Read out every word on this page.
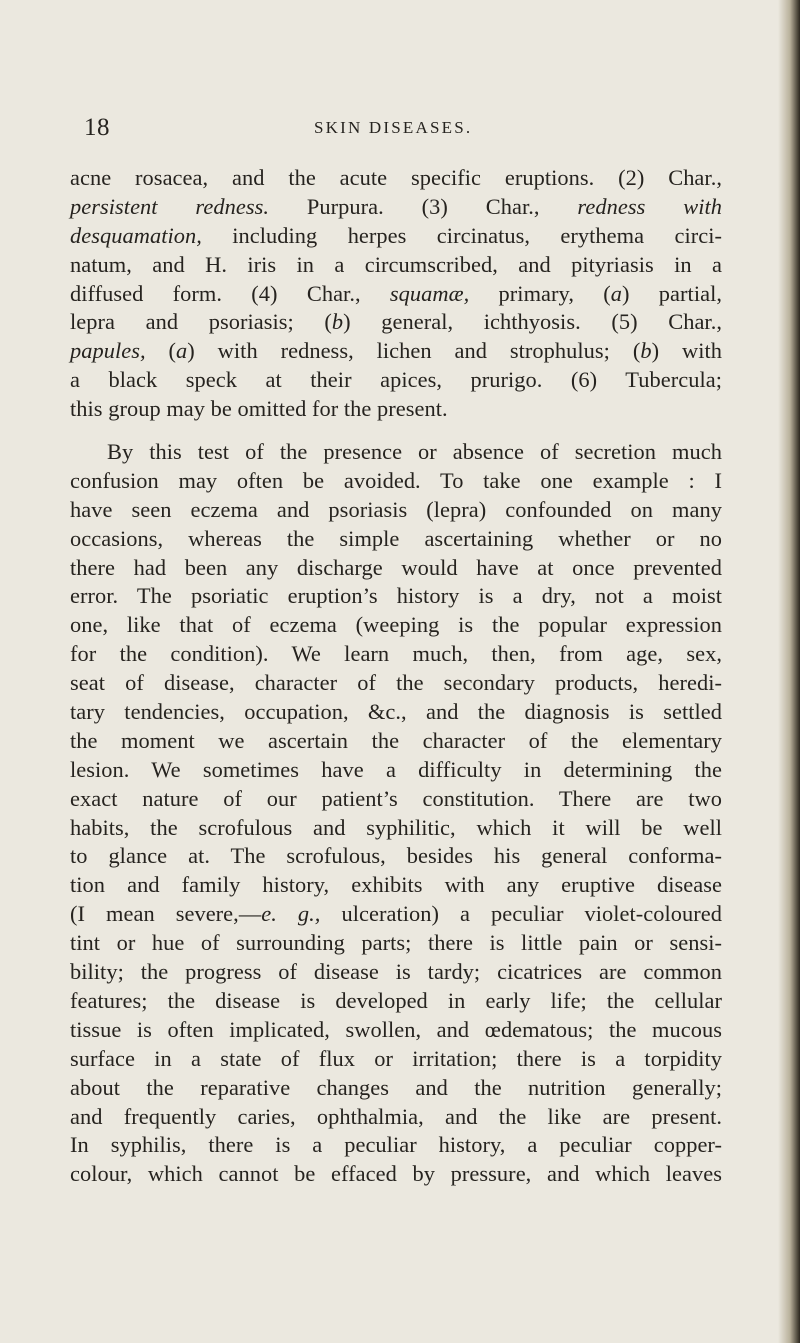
18	SKIN DISEASES.
acne rosacea, and the acute specific eruptions. (2) Char.,
persistent redness. Purpura. (3) Char., redness with
desquamation, including herpes circinatus, erythema circi-
natum, and H. iris in a circumscribed, and pityriasis in a
diffused form. (4) Char., squamæ, primary, (a) partial,
lepra and psoriasis; (b) general, ichthyosis. (5) Char.,
papules, (a) with redness, lichen and strophulus; (b) with
a black speck at their apices, prurigo. (6) Tubercula;
this group may be omitted for the present.
By this test of the presence or absence of secretion much
confusion may often be avoided. To take one example : I
have seen eczema and psoriasis (lepra) confounded on many
occasions, whereas the simple ascertaining whether or no
there had been any discharge would have at once prevented
error. The psoriatic eruption’s history is a dry, not a moist
one, like that of eczema (weeping is the popular expression
for the condition). We learn much, then, from age, sex,
seat of disease, character of the secondary products, heredi-
tary tendencies, occupation, &c., and the diagnosis is settled
the moment we ascertain the character of the elementary
lesion. We sometimes have a difficulty in determining the
exact nature of our patient’s constitution. There are two
habits, the scrofulous and syphilitic, which it will be well
to glance at. The scrofulous, besides his general conforma-
tion and family history, exhibits with any eruptive disease
(I mean severe,—e. g., ulceration) a peculiar violet-coloured
tint or hue of surrounding parts; there is little pain or sensi-
bility; the progress of disease is tardy; cicatrices are common
features; the disease is developed in early life; the cellular
tissue is often implicated, swollen, and œdematous; the mucous
surface in a state of flux or irritation; there is a torpidity
about the reparative changes and the nutrition generally;
and frequently caries, ophthalmia, and the like are present.
In syphilis, there is a peculiar history, a peculiar copper-
colour, which cannot be effaced by pressure, and which leaves
